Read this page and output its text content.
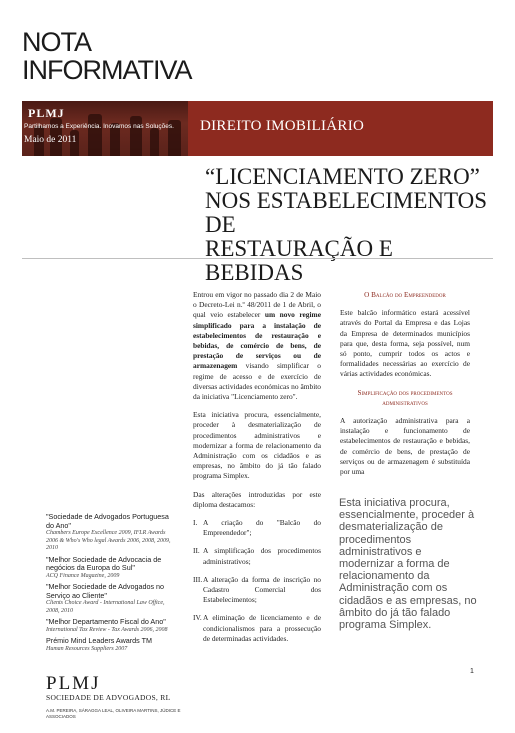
NOTA
INFORMATIVA
PLMJ
Partilhamos a Experiência. Inovamos nas Soluções.
Maio de 2011
DIREITO IMOBILIÁRIO
“LICENCIAMENTO ZERO”
NOS ESTABELECIMENTOS DE
RESTAURAÇÃO E BEBIDAS

Entrou em vigor no passado dia 2 de Maio o Decreto-Lei n.º 48/2011 de 1 de Abril, o qual veio estabelecer um novo regime simplificado para a instalação de estabelecimentos de restauração e bebidas, de comércio de bens, de prestação de serviços ou de armazenagem visando simplificar o regime de acesso e de exercício de diversas actividades económicas no âmbito da iniciativa "Licenciamento zero".

Esta iniciativa procura, essencialmente, proceder à desmaterialização de procedimentos administrativos e modernizar a forma de relacionamento da Administração com os cidadãos e as empresas, no âmbito do já tão falado programa Simplex.

Das alterações introduzidas por este diploma destacamos:

I. A criação do "Balcão do Empreendedor";
II. A simplificação dos procedimentos administrativos;
III. A alteração da forma de inscrição no Cadastro Comercial dos Estabelecimentos;
IV. A eliminação de licenciamento e de condicionalismos para a prossecução de determinadas actividades.
O Balcão do Empreendedor

Este balcão informático estará acessível através do Portal da Empresa e das Lojas da Empresa de determinados municípios para que, desta forma, seja possível, num só ponto, cumprir todos os actos e formalidades necessárias ao exercício de várias actividades económicas.

Simplificação dos procedimentos administrativos

A autorização administrativa para a instalação e funcionamento de estabelecimentos de restauração e bebidas, de comércio de bens, de prestação de serviços ou de armazenagem é substituída por uma

Esta iniciativa procura, essencialmente, proceder à desmaterialização de procedimentos administrativos e modernizar a forma de relacionamento da Administração com os cidadãos e as empresas, no âmbito do já tão falado programa Simplex.
"Sociedade de Advogados Portuguesa do Ano"
Chambers Europe Excellence 2009, IFLR Awards 2006 & Who's Who legal Awards 2006, 2008, 2009, 2010
"Melhor Sociedade de Advocacia de negócios da Europa do Sul"
ACQ Finance Magazine, 2009
"Melhor Sociedade de Advogados no Serviço ao Cliente"
Clients Choice Award - International Law Office, 2008, 2010
"Melhor Departamento Fiscal do Ano"
International Tax Review - Tax Awards 2006, 2008
Prémio Mind Leaders Awards TM
Human Resources Suppliers 2007
PLMJ
SOCIEDADE DE ADVOGADOS, RL
A.M. PEREIRA, SÁRAGGA LEAL, OLIVEIRA MARTINS, JÚDICE E ASSOCIADOS
1
